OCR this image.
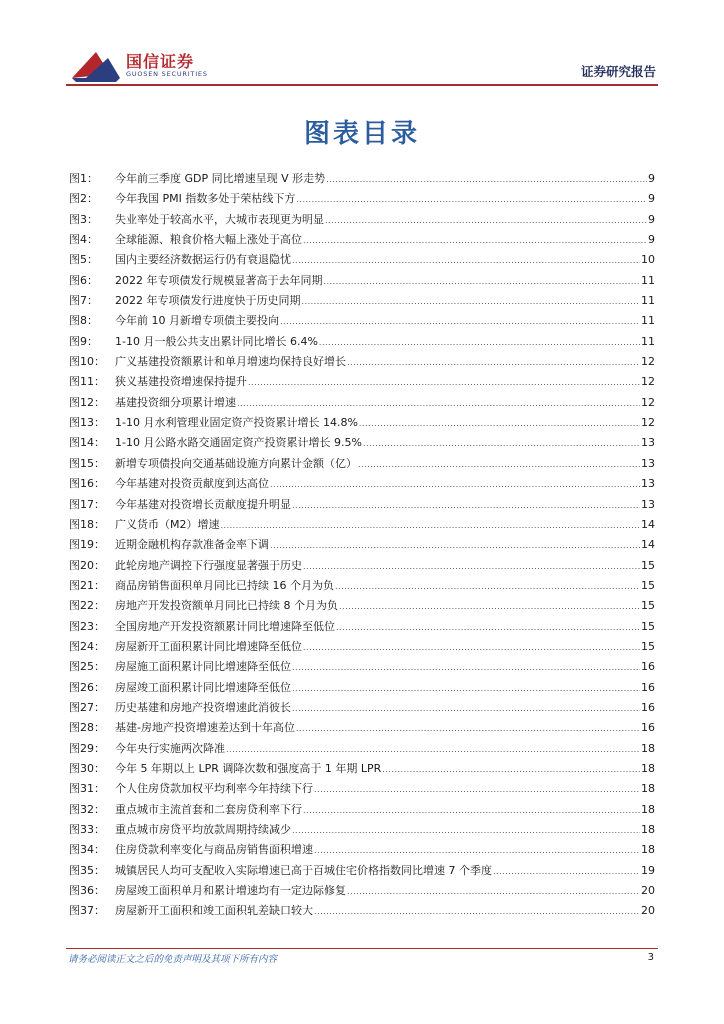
国信证券
GUOSEN SECURITIES	证券研究报告
图表目录
图1：	今年前三季度 GDP 同比增速呈现 V 形走势 .....	9
图2：	今年我国 PMI 指数多处于荣枯线下方 .....	9
图3：	失业率处于较高水平，大城市表现更为明显 .....	9
图4：	全球能源、粮食价格大幅上涨处于高位 .....	9
图5：	国内主要经济数据运行仍有衰退隐忧 .....	10
图6：	2022 年专项债发行规模显著高于去年同期 .....	11
图7：	2022 年专项债发行进度快于历史同期 .....	11
图8：	今年前 10 月新增专项债主要投向 .....	11
图9：	1-10 月一般公共支出累计同比增长 6.4% .....	11
图10： 广义基建投资额累计和单月增速均保持良好增长 .....	12
图11： 狭义基建投资增速保持提升 .....	12
图12： 基建投资细分项累计增速 .....	12
图13： 1-10 月水利管理业固定资产投资累计增长 14.8% .....	12
图14： 1-10 月公路水路交通固定资产投资累计增长 9.5% .....	13
图15： 新增专项债投向交通基础设施方向累计金额（亿） .....	13
图16： 今年基建对投资贡献度到达高位 .....	13
图17： 今年基建对投资增长贡献度提升明显 .....	13
图18： 广义货币（M2）增速 .....	14
图19： 近期金融机构存款准备金率下调 .....	14
图20： 此轮房地产调控下行强度显著强于历史 .....	15
图21： 商品房销售面积单月同比已持续 16 个月为负 .....	15
图22： 房地产开发投资额单月同比已持续 8 个月为负 .....	15
图23： 全国房地产开发投资额累计同比增速降至低位 .....	15
图24： 房屋新开工面积累计同比增速降至低位 .....	15
图25： 房屋施工面积累计同比增速降至低位 .....	16
图26： 房屋竣工面积累计同比增速降至低位 .....	16
图27： 历史基建和房地产投资增速此消彼长 .....	16
图28： 基建-房地产投资增速差达到十年高位 .....	16
图29： 今年央行实施两次降准 .....	18
图30： 今年 5 年期以上 LPR 调降次数和强度高于 1 年期 LPR .....	18
图31： 个人住房贷款加权平均利率今年持续下行 .....	18
图32： 重点城市主流首套和二套房贷利率下行 .....	18
图33： 重点城市房贷平均放款周期持续减少 .....	18
图34： 住房贷款利率变化与商品房销售面积增速 .....	18
图35： 城镇居民人均可支配收入实际增速已高于百城住宅价格指数同比增速 7 个季度 .....	19
图36： 房屋竣工面积单月和累计增速均有一定边际修复 .....	20
图37： 房屋新开工面积和竣工面积轧差缺口较大 .....	20
请务必阅读正文之后的免责声明及其项下所有内容	3
